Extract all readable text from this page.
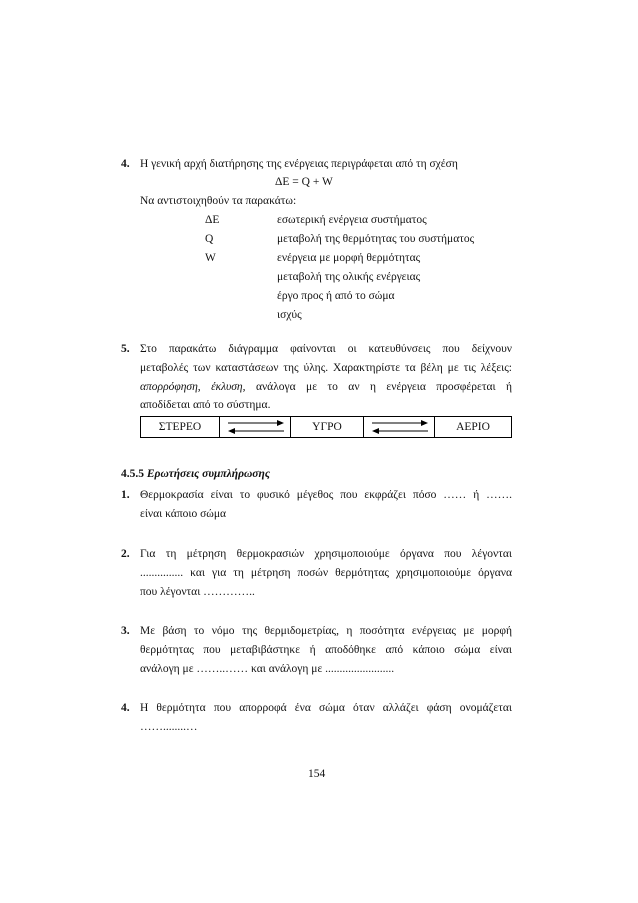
4. Η γενική αρχή διατήρησης της ενέργειας περιγράφεται από τη σχέση
ΔΕ = Q + W
Να αντιστοιχηθούν τα παρακάτω:
ΔΕ
Q
W
εσωτερική ενέργεια συστήματος
μεταβολή της θερμότητας του συστήματος
ενέργεια με μορφή θερμότητας
μεταβολή της ολικής ενέργειας
έργο προς ή από το σώμα
ισχύς
5. Στο παρακάτω διάγραμμα φαίνονται οι κατευθύνσεις που δείχνουν
μεταβολές των καταστάσεων της ύλης. Χαρακτηρίστε τα βέλη με τις λέξεις:
απορρόφηση, έκλυση, ανάλογα με το αν η ενέργεια προσφέρεται ή
αποδίδεται από το σύστημα.
ΣΤΕΡΕΟ	ΥΓΡΟ	ΑΕΡΙΟ
4.5.5 Ερωτήσεις συμπλήρωσης
1. Θερμοκρασία είναι το φυσικό μέγεθος που εκφράζει πόσο …… ή …….
είναι κάποιο σώμα
2. Για τη μέτρηση θερμοκρασιών χρησιμοποιούμε όργανα που λέγονται
............... και για τη μέτρηση ποσών θερμότητας χρησιμοποιούμε όργανα
που λέγονται …………..
3. Με βάση το νόμο της θερμιδομετρίας, η ποσότητα ενέργειας με μορφή
θερμότητας που μεταβιβάστηκε ή αποδόθηκε από κάποιο σώμα είναι
ανάλογη με ……..…… και ανάλογη με ........................
4. Η θερμότητα που απορροφά ένα σώμα όταν αλλάζει φάση ονομάζεται
……........…
154
